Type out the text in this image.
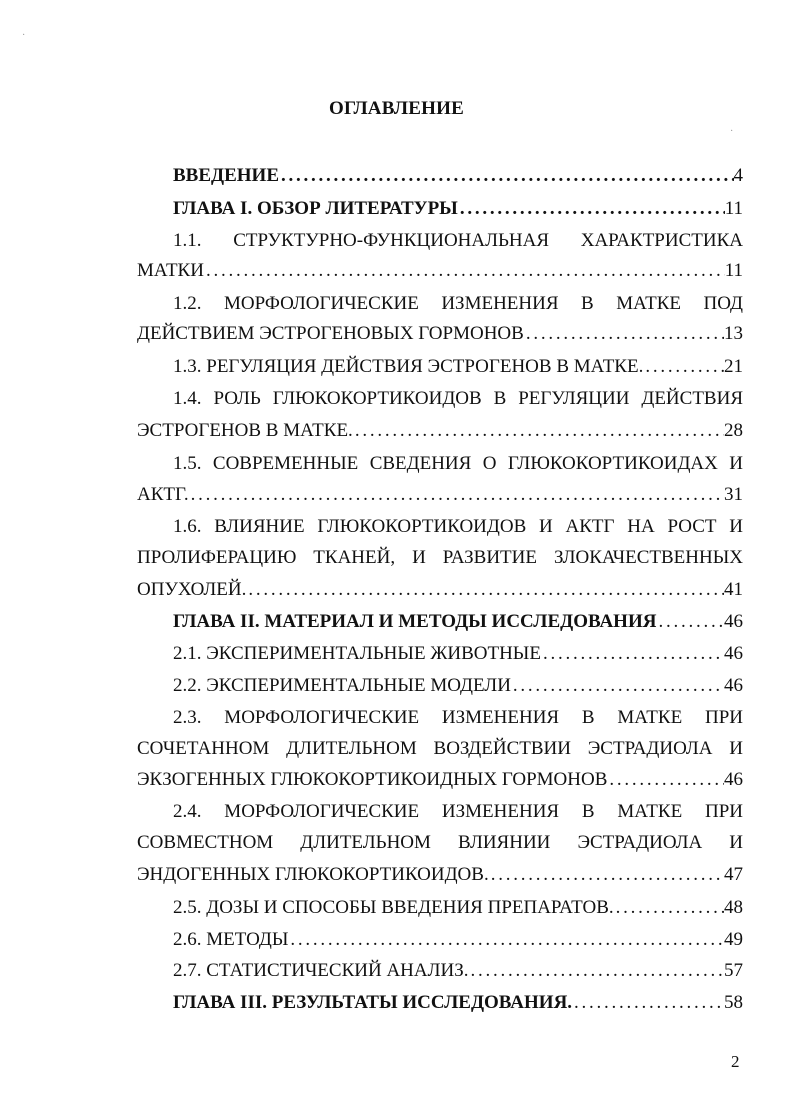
ОГЛАВЛЕНИЕ
ВВЕДЕНИЕ . . .	4
ГЛАВА I. ОБЗОР ЛИТЕРАТУРЫ . . .	11
1.1. СТРУКТУРНО-ФУНКЦИОНАЛЬНАЯ ХАРАКТРИСТИКА
МАТКИ . . .	11
1.2. МОРФОЛОГИЧЕСКИЕ ИЗМЕНЕНИЯ В МАТКЕ ПОД
ДЕЙСТВИЕМ ЭСТРОГЕНОВЫХ ГОРМОНОВ . . .	13
1.3. РЕГУЛЯЦИЯ ДЕЙСТВИЯ ЭСТРОГЕНОВ В МАТКЕ. . . .	21
1.4. РОЛЬ ГЛЮКОКОРТИКОИДОВ В РЕГУЛЯЦИИ ДЕЙСТВИЯ
ЭСТРОГЕНОВ В МАТКЕ. . . .	28
1.5. СОВРЕМЕННЫЕ СВЕДЕНИЯ О ГЛЮКОКОРТИКОИДАХ И
АКТГ. . . .	31
1.6. ВЛИЯНИЕ ГЛЮКОКОРТИКОИДОВ И АКТГ НА РОСТ И
ПРОЛИФЕРАЦИЮ ТКАНЕЙ, И РАЗВИТИЕ ЗЛОКАЧЕСТВЕННЫХ
ОПУХОЛЕЙ. . . .	41
ГЛАВА II. МАТЕРИАЛ И МЕТОДЫ ИССЛЕДОВАНИЯ . . .	46
2.1. ЭКСПЕРИМЕНТАЛЬНЫЕ ЖИВОТНЫЕ . . .	46
2.2. ЭКСПЕРИМЕНТАЛЬНЫЕ МОДЕЛИ . . .	46
2.3. МОРФОЛОГИЧЕСКИЕ ИЗМЕНЕНИЯ В МАТКЕ ПРИ
СОЧЕТАННОМ ДЛИТЕЛЬНОМ ВОЗДЕЙСТВИИ ЭСТРАДИОЛА И
ЭКЗОГЕННЫХ ГЛЮКОКОРТИКОИДНЫХ ГОРМОНОВ . . .	46
2.4. МОРФОЛОГИЧЕСКИЕ ИЗМЕНЕНИЯ В МАТКЕ ПРИ
СОВМЕСТНОМ ДЛИТЕЛЬНОМ ВЛИЯНИИ ЭСТРАДИОЛА И
ЭНДОГЕННЫХ ГЛЮКОКОРТИКОИДОВ. . . .	47
2.5. ДОЗЫ И СПОСОБЫ ВВЕДЕНИЯ ПРЕПАРАТОВ. . . .	48
2.6. МЕТОДЫ . . .	49
2.7. СТАТИСТИЧЕСКИЙ АНАЛИЗ. . . .	57
ГЛАВА III. РЕЗУЛЬТАТЫ ИССЛЕДОВАНИЯ. . . .	58
2
·
·
